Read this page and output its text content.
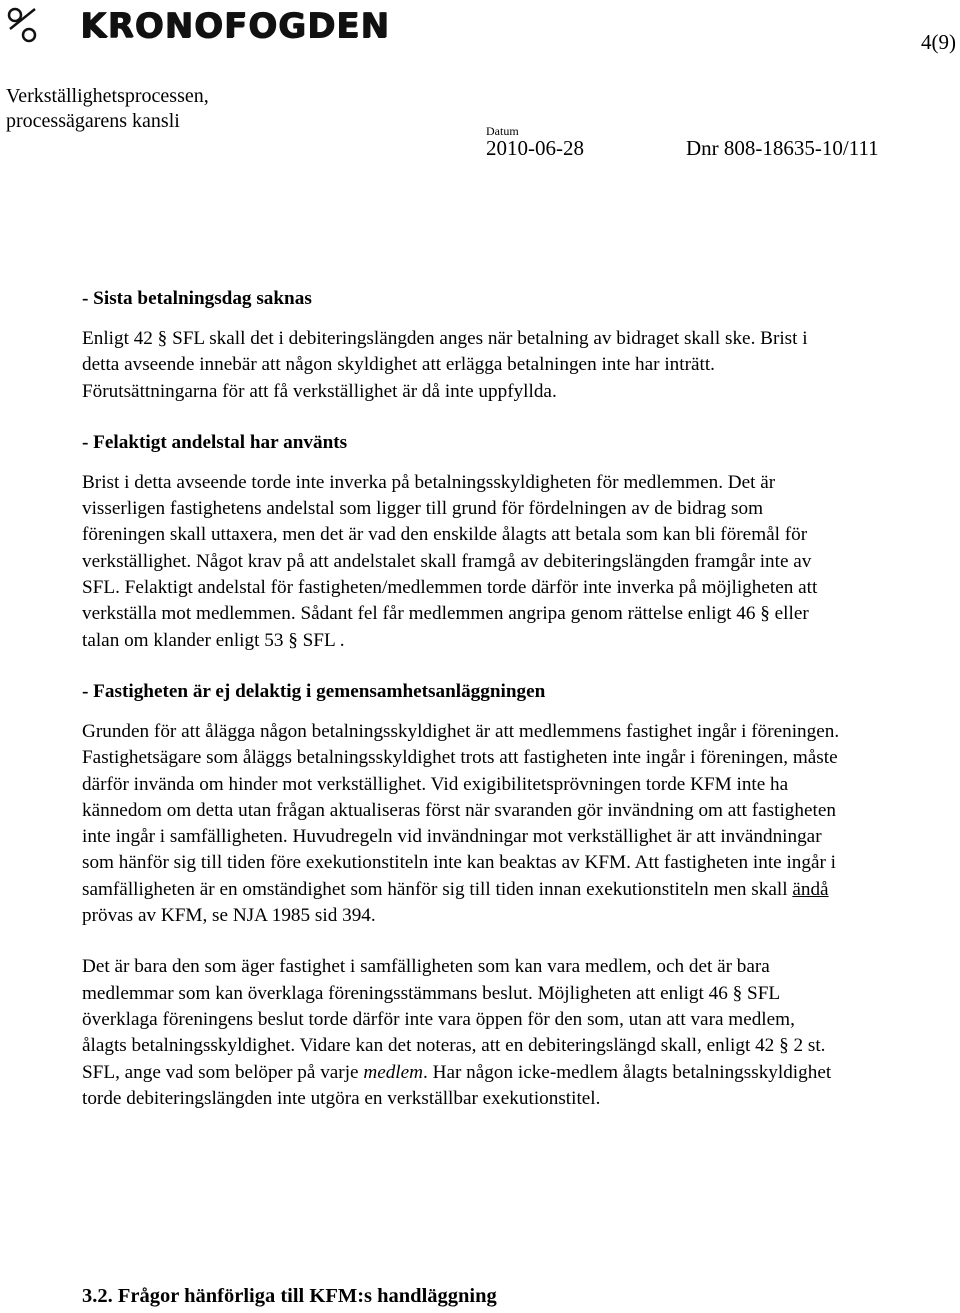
KRONOFOGDEN	4(9)
Verkställighetsprocessen,
processägarens kansli	Datum
2010-06-28	Dnr 808-18635-10/111
- Sista betalningsdag saknas

Enligt 42 § SFL skall det i debiteringslängden anges när betalning av bidraget skall ske. Brist i detta avseende innebär att någon skyldighet att erlägga betalningen inte har inträtt. Förutsättningarna för att få verkställighet är då inte uppfyllda.

- Felaktigt andelstal har använts

Brist i detta avseende torde inte inverka på betalningsskyldigheten för medlemmen. Det är visserligen fastighetens andelstal som ligger till grund för fördelningen av de bidrag som föreningen skall uttaxera, men det är vad den enskilde ålagts att betala som kan bli föremål för verkställighet. Något krav på att andelstalet skall framgå av debiteringslängden framgår inte av SFL. Felaktigt andelstal för fastigheten/medlemmen torde därför inte inverka på möjligheten att verkställa mot medlemmen. Sådant fel får medlemmen angripa genom rättelse enligt 46 § eller talan om klander enligt 53 § SFL .

- Fastigheten är ej delaktig i gemensamhetsanläggningen

Grunden för att ålägga någon betalningsskyldighet är att medlemmens fastighet ingår i föreningen. Fastighetsägare som åläggs betalningsskyldighet trots att fastigheten inte ingår i föreningen, måste därför invända om hinder mot verkställighet. Vid exigibilitetsprövningen torde KFM inte ha kännedom om detta utan frågan aktualiseras först när svaranden gör invändning om att fastigheten inte ingår i samfälligheten. Huvudregeln vid invändningar mot verkställighet är att invändningar som hänför sig till tiden före exekutionstiteln inte kan beaktas av KFM. Att fastigheten inte ingår i samfälligheten är en omständighet som hänför sig till tiden innan exekutionstiteln men skall ändå prövas av KFM, se NJA 1985 sid 394.

Det är bara den som äger fastighet i samfälligheten som kan vara medlem, och det är bara medlemmar som kan överklaga föreningsstämmans beslut. Möjligheten att enligt 46 § SFL överklaga föreningens beslut torde därför inte vara öppen för den som, utan att vara medlem, ålagts betalningsskyldighet. Vidare kan det noteras, att en debiteringslängd skall, enligt 42 § 2 st. SFL, ange vad som belöper på varje medlem. Har någon icke-medlem ålagts betalningsskyldighet torde debiteringslängden inte utgöra en verkställbar exekutionstitel.

3.2. Frågor hänförliga till KFM:s handläggning
